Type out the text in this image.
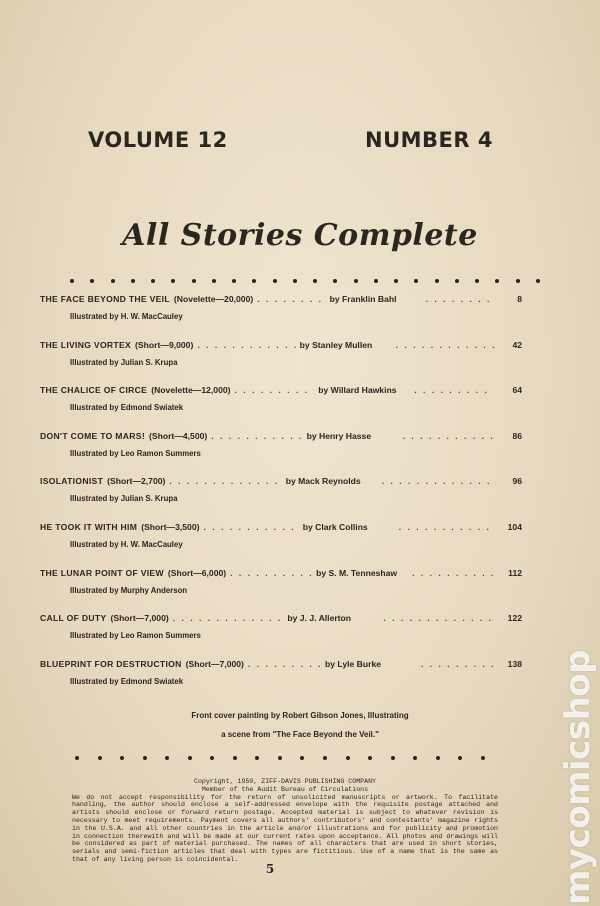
VOLUME 12	NUMBER 4
All Stories Complete
THE FACE BEYOND THE VEIL (Novelette—20,000) . . .	by Franklin Bahl . . .	8
Illustrated by H. W. MacCauley
THE LIVING VORTEX (Short—9,000) . . .	by Stanley Mullen . . .	42
Illustrated by Julian S. Krupa
THE CHALICE OF CIRCE (Novelette—12,000) . . .	by Willard Hawkins . . .	64
Illustrated by Edmond Swiatek
DON'T COME TO MARS! (Short—4,500) . . .	by Henry Hasse . . .	86
Illustrated by Leo Ramon Summers
ISOLATIONIST (Short—2,700) . . .	by Mack Reynolds . . .	96
Illustrated by Julian S. Krupa
HE TOOK IT WITH HIM (Short—3,500) . . .	by Clark Collins . . .	104
Illustrated by H. W. MacCauley
THE LUNAR POINT OF VIEW (Short—6,000) . . .	by S. M. Tenneshaw . . .	112
Illustrated by Murphy Anderson
CALL OF DUTY (Short—7,000) . . .	by J. J. Allerton . . .	122
Illustrated by Leo Ramon Summers
BLUEPRINT FOR DESTRUCTION (Short—7,000) . . .	by Lyle Burke . . .	138
Illustrated by Edmond Swiatek
Front cover painting by Robert Gibson Jones, Illustrating
a scene from "The Face Beyond the Veil."
Copyright, 1950, ZIFF-DAVIS PUBLISHING COMPANY
Member of the Audit Bureau of Circulations
We do not accept responsibility for the return of unsolicited manuscripts or artwork. To facilitate handling, the author should enclose a self-addressed envelope with the requisite postage attached and artists should enclose or forward return postage. Accepted material is subject to whatever revision is necessary to meet requirements. Payment covers all authors' contributors' and contestants' magazine rights in the U.S.A. and all other countries in the article and/or illustrations and for publicity and promotion in connection therewith and will be made at our current rates upon acceptance. All photos and drawings will be considered as part of material purchased. The names of all characters that are used in short stories, serials and semi-fiction articles that deal with types are fictitious. Use of a name that is the same as that of any living person is coincidental.
5	mycomicshop
